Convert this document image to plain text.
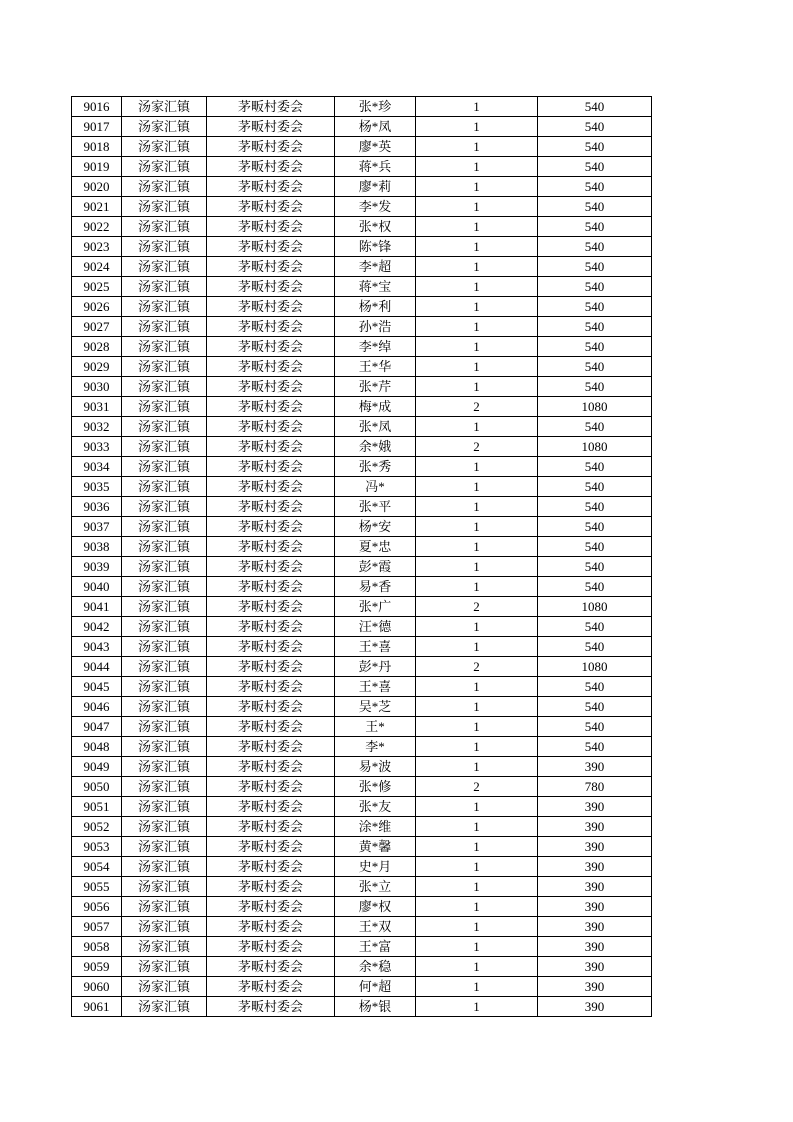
9016	汤家汇镇	茅畈村委会	张*珍	1	540
9017	汤家汇镇	茅畈村委会	杨*凤	1	540
9018	汤家汇镇	茅畈村委会	廖*英	1	540
9019	汤家汇镇	茅畈村委会	蒋*兵	1	540
9020	汤家汇镇	茅畈村委会	廖*莉	1	540
9021	汤家汇镇	茅畈村委会	李*发	1	540
9022	汤家汇镇	茅畈村委会	张*权	1	540
9023	汤家汇镇	茅畈村委会	陈*锋	1	540
9024	汤家汇镇	茅畈村委会	李*超	1	540
9025	汤家汇镇	茅畈村委会	蒋*宝	1	540
9026	汤家汇镇	茅畈村委会	杨*利	1	540
9027	汤家汇镇	茅畈村委会	孙*浩	1	540
9028	汤家汇镇	茅畈村委会	李*绰	1	540
9029	汤家汇镇	茅畈村委会	王*华	1	540
9030	汤家汇镇	茅畈村委会	张*芹	1	540
9031	汤家汇镇	茅畈村委会	梅*成	2	1080
9032	汤家汇镇	茅畈村委会	张*凤	1	540
9033	汤家汇镇	茅畈村委会	余*娥	2	1080
9034	汤家汇镇	茅畈村委会	张*秀	1	540
9035	汤家汇镇	茅畈村委会	冯*	1	540
9036	汤家汇镇	茅畈村委会	张*平	1	540
9037	汤家汇镇	茅畈村委会	杨*安	1	540
9038	汤家汇镇	茅畈村委会	夏*忠	1	540
9039	汤家汇镇	茅畈村委会	彭*霞	1	540
9040	汤家汇镇	茅畈村委会	易*香	1	540
9041	汤家汇镇	茅畈村委会	张*广	2	1080
9042	汤家汇镇	茅畈村委会	汪*德	1	540
9043	汤家汇镇	茅畈村委会	王*喜	1	540
9044	汤家汇镇	茅畈村委会	彭*丹	2	1080
9045	汤家汇镇	茅畈村委会	王*喜	1	540
9046	汤家汇镇	茅畈村委会	吴*芝	1	540
9047	汤家汇镇	茅畈村委会	王*	1	540
9048	汤家汇镇	茅畈村委会	李*	1	540
9049	汤家汇镇	茅畈村委会	易*波	1	390
9050	汤家汇镇	茅畈村委会	张*修	2	780
9051	汤家汇镇	茅畈村委会	张*友	1	390
9052	汤家汇镇	茅畈村委会	涂*维	1	390
9053	汤家汇镇	茅畈村委会	黄*馨	1	390
9054	汤家汇镇	茅畈村委会	史*月	1	390
9055	汤家汇镇	茅畈村委会	张*立	1	390
9056	汤家汇镇	茅畈村委会	廖*权	1	390
9057	汤家汇镇	茅畈村委会	王*双	1	390
9058	汤家汇镇	茅畈村委会	王*富	1	390
9059	汤家汇镇	茅畈村委会	余*稳	1	390
9060	汤家汇镇	茅畈村委会	何*超	1	390
9061	汤家汇镇	茅畈村委会	杨*银	1	390
